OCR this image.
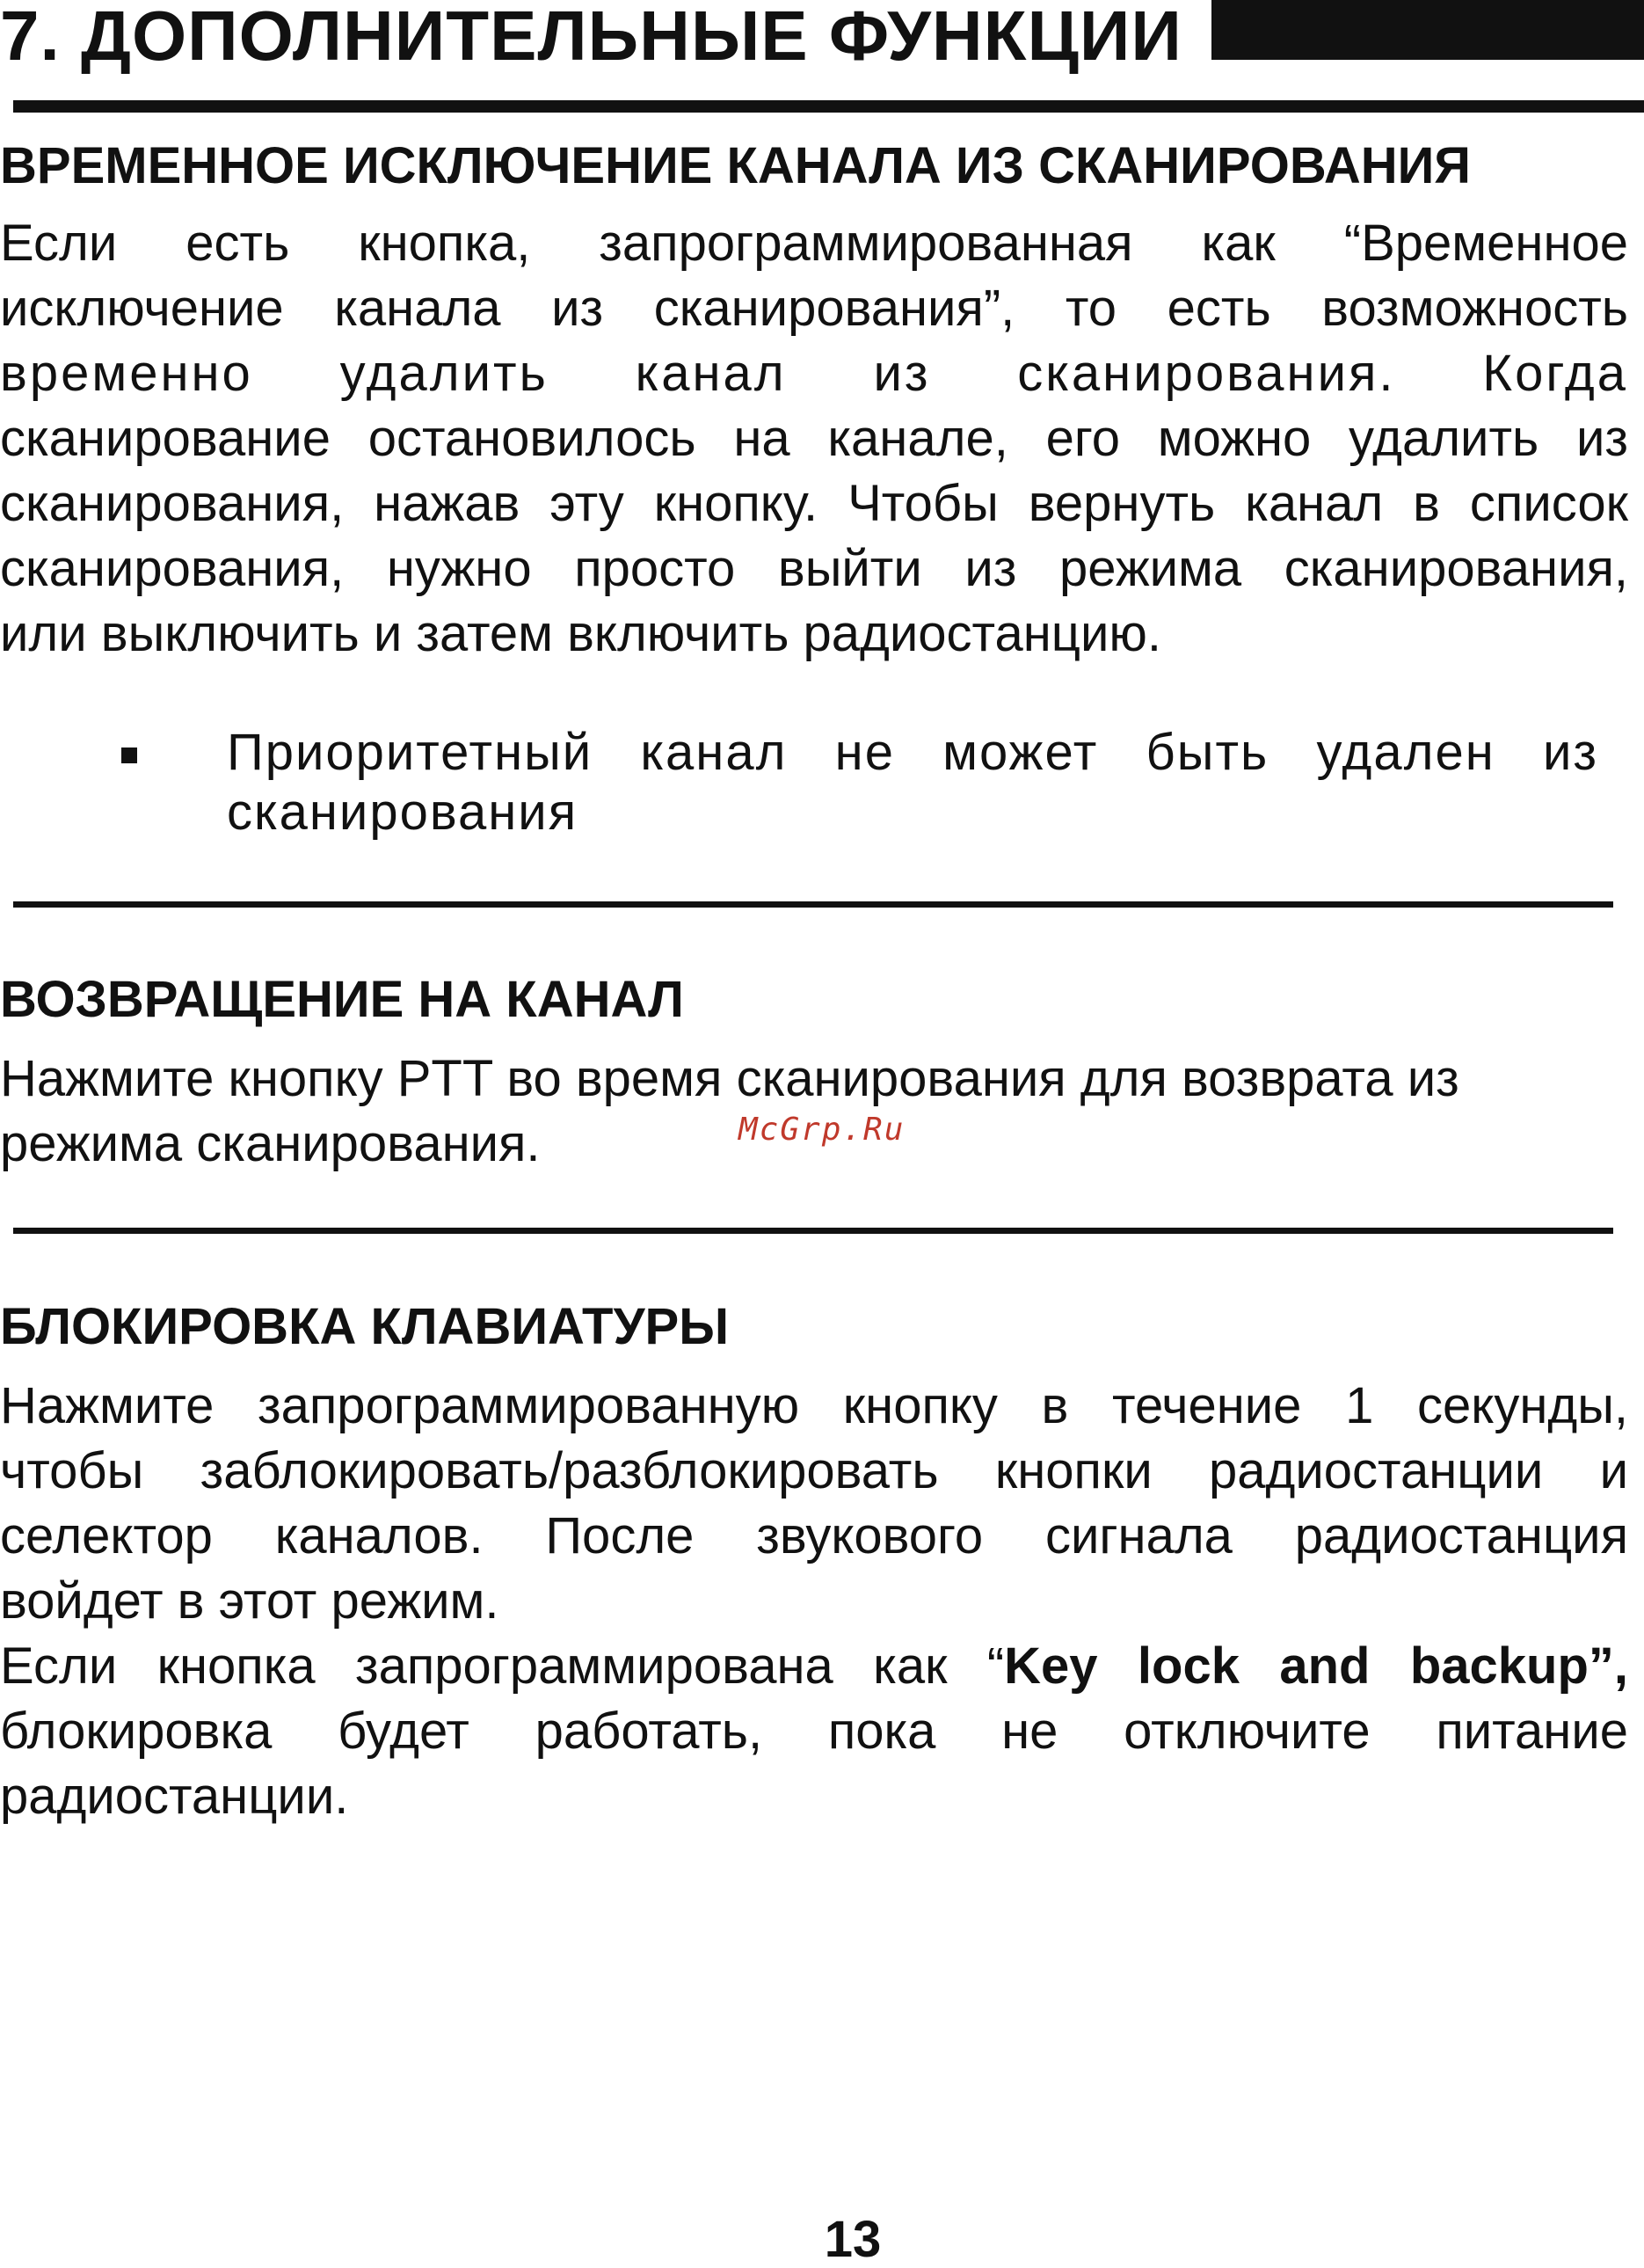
7. ДОПОЛНИТЕЛЬНЫЕ ФУНКЦИИ
ВРЕМЕННОЕ ИСКЛЮЧЕНИЕ КАНАЛА ИЗ СКАНИРОВАНИЯ
Если есть кнопка, запрограммированная как “Временное
исключение канала из сканирования”, то есть возможность
временно удалить канал из сканирования. Когда
сканирование остановилось на канале, его можно удалить из
сканирования, нажав эту кнопку. Чтобы вернуть канал в список
сканирования, нужно просто выйти из режима сканирования,
или выключить и затем включить радиостанцию.
Приоритетный канал не может быть удален из
сканирования
ВОЗВРАЩЕНИЕ НА КАНАЛ
Нажмите кнопку PTT во время сканирования для возврата из
режима сканирования.	McGrp.Ru
БЛОКИРОВКА КЛАВИАТУРЫ
Нажмите запрограммированную кнопку в течение 1 секунды,
чтобы заблокировать/разблокировать кнопки радиостанции и
селектор каналов. После звукового сигнала радиостанция
войдет в этот режим.
Если кнопка запрограммирована как “Key lock and backup”,
блокировка будет работать, пока не отключите питание
радиостанции.
13
